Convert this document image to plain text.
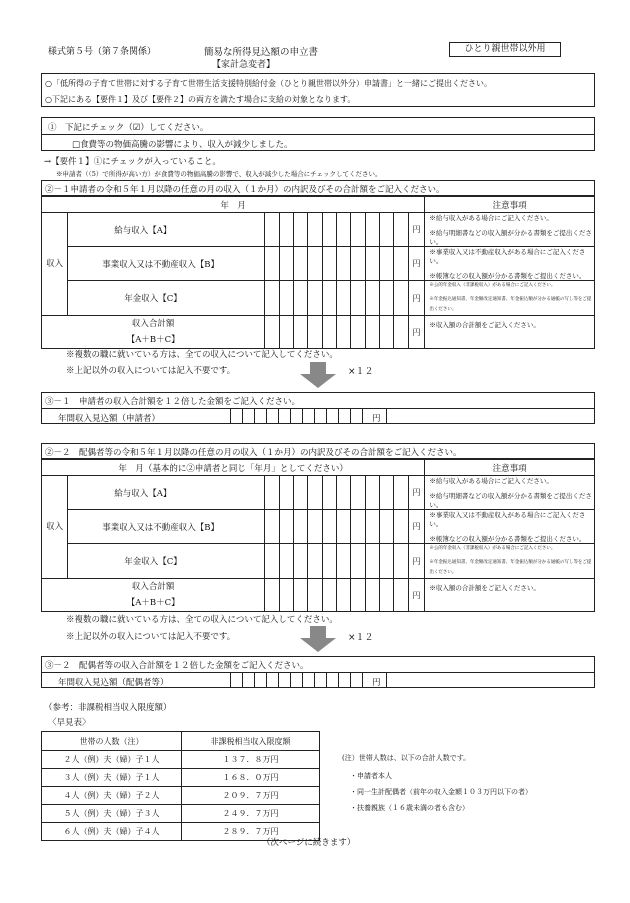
様式第５号（第７条関係）	簡易な所得見込額の申立書
【家計急変者】
ひとり親世帯以外用
○「低所得の子育て世帯に対する子育て世帯生活支援特別給付金（ひとり親世帯以外分）申請書」と一緒にご提出ください。
○下記にある【要件１】及び【要件２】の両方を満たす場合に支給の対象となります。
①　下記にチェック（☑）してください。
□食費等の物価高騰の影響により、収入が減少しました。
→【要件１】①にチェックが入っていること。
※申請者（（5）で所得が高い方）が食費等の物価高騰の影響で、収入が減少した場合にチェックしてください。
②－１申請者の令和５年１月以降の任意の月の収入（１か月）の内訳及びその合計額をご記入ください。
年　月													注意事項
収入	給与収入【A】											円	※給与収入がある場合にご記入ください。
※給与明細書などの収入額が分かる書類をご提出ください。

	事業収入又は不動産収入【B】											円	※事業収入又は不動産収入がある場合にご記入ください。
※帳簿などの収入額が分かる書類をご提出ください。

	年金収入【C】											円	※公的年金収入（非課税収入）がある場合にご記入ください。
※年金振込通知書、年金額改定通知書、年金振込額が分かる通帳の写し等をご提出ください。

収入合計額
【A＋B＋C】												円	※収入額の合計額をご記入ください。
※複数の職に就いている方は、全ての収入について記入してください。
※上記以外の収入については記入不要です。	×１２
③－１　申請者の収入合計額を１２倍した金額をご記入ください。
年間収入見込額（申請者）	円
②－２　配偶者等の令和５年１月以降の任意の月の収入（１か月）の内訳及びその合計額をご記入ください。
年　月（基本的に②申請者と同じ「年月」としてください）													注意事項
収入	給与収入【A】											円	※給与収入がある場合にご記入ください。
※給与明細書などの収入額が分かる書類をご提出ください。

	事業収入又は不動産収入【B】											円	※事業収入又は不動産収入がある場合にご記入ください。
※帳簿などの収入額が分かる書類をご提出ください。

	年金収入【C】											円	※公的年金収入（非課税収入）がある場合にご記入ください。
※年金振込通知書、年金額改定通知書、年金振込額が分かる通帳の写し等をご提出ください。

収入合計額
【A＋B＋C】												円	※収入額の合計額をご記入ください。
※複数の職に就いている方は、全ての収入について記入してください。
※上記以外の収入については記入不要です。	×１２
③－２　配偶者等の収入合計額を１２倍した金額をご記入ください。
年間収入見込額（配偶者等）	円
（参考：非課税相当収入限度額）
〈早見表〉
世帯の人数（注）	非課税相当収入限度額
２人（例）夫（婦）子１人	１３７．８万円
３人（例）夫（婦）子１人	１６８．０万円
４人（例）夫（婦）子２人	２０９．７万円
５人（例）夫（婦）子３人	２４９．７万円
６人（例）夫（婦）子４人	２８９．７万円
(注）世帯人数は、以下の合計人数です。
・申請者本人
・同一生計配偶者（前年の収入金額１０３万円以下の者）
・扶養親族（１６歳未満の者も含む）
（次ページに続きます）
